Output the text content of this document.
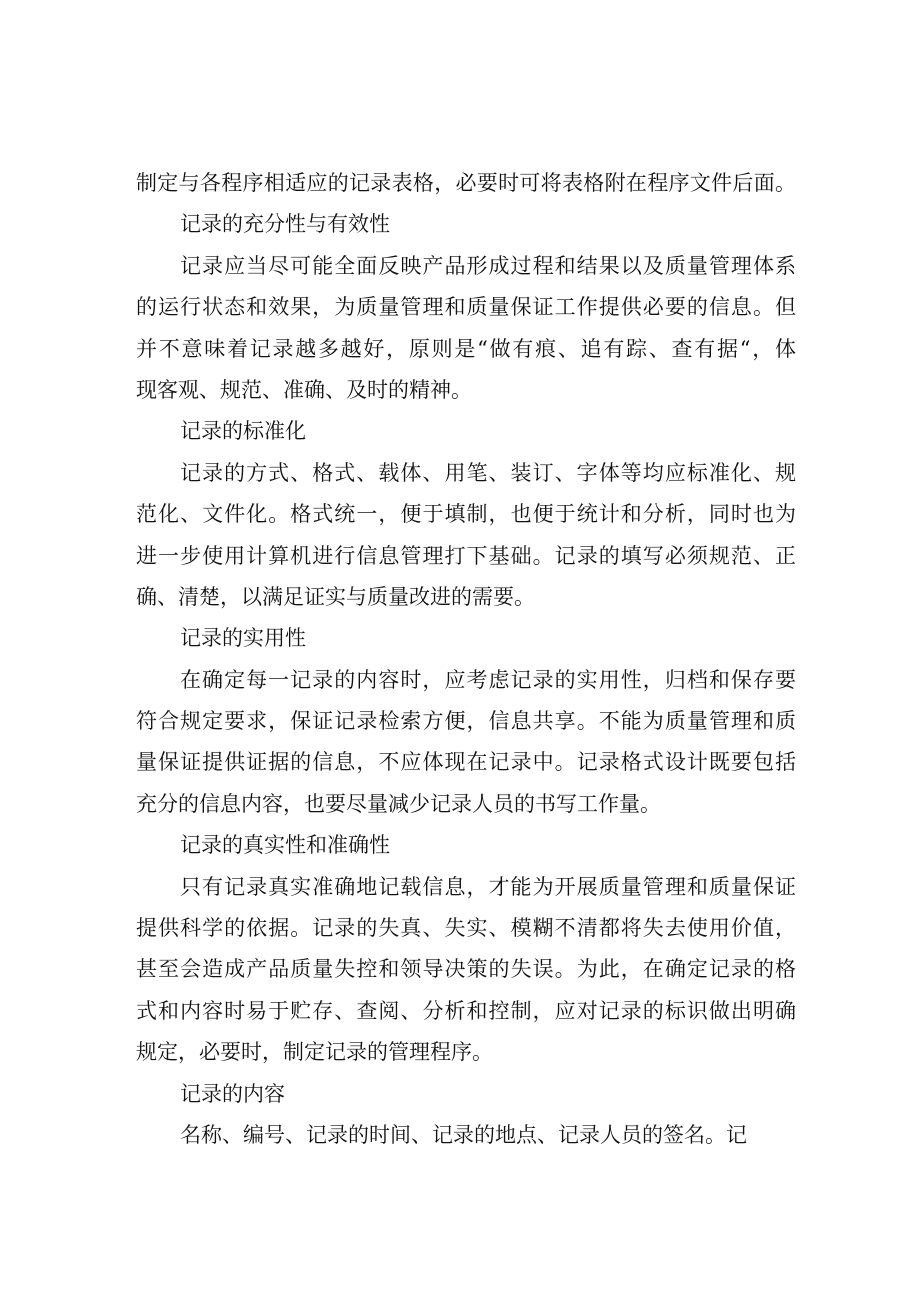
制定与各程序相适应的记录表格，必要时可将表格附在程序文件后面。
记录的充分性与有效性
记录应当尽可能全面反映产品形成过程和结果以及质量管理体系
的运行状态和效果，为质量管理和质量保证工作提供必要的信息。但
并不意味着记录越多越好，原则是“做有痕、追有踪、查有据“，体
现客观、规范、准确、及时的精神。
记录的标准化
记录的方式、格式、载体、用笔、装订、字体等均应标准化、规
范化、文件化。格式统一，便于填制，也便于统计和分析，同时也为
进一步使用计算机进行信息管理打下基础。记录的填写必须规范、正
确、清楚，以满足证实与质量改进的需要。
记录的实用性
在确定每一记录的内容时，应考虑记录的实用性，归档和保存要
符合规定要求，保证记录检索方便，信息共享。不能为质量管理和质
量保证提供证据的信息，不应体现在记录中。记录格式设计既要包括
充分的信息内容，也要尽量减少记录人员的书写工作量。
记录的真实性和准确性
只有记录真实准确地记载信息，才能为开展质量管理和质量保证
提供科学的依据。记录的失真、失实、模糊不清都将失去使用价值，
甚至会造成产品质量失控和领导决策的失误。为此，在确定记录的格
式和内容时易于贮存、查阅、分析和控制，应对记录的标识做出明确
规定，必要时，制定记录的管理程序。
记录的内容
名称、编号、记录的时间、记录的地点、记录人员的签名。记
